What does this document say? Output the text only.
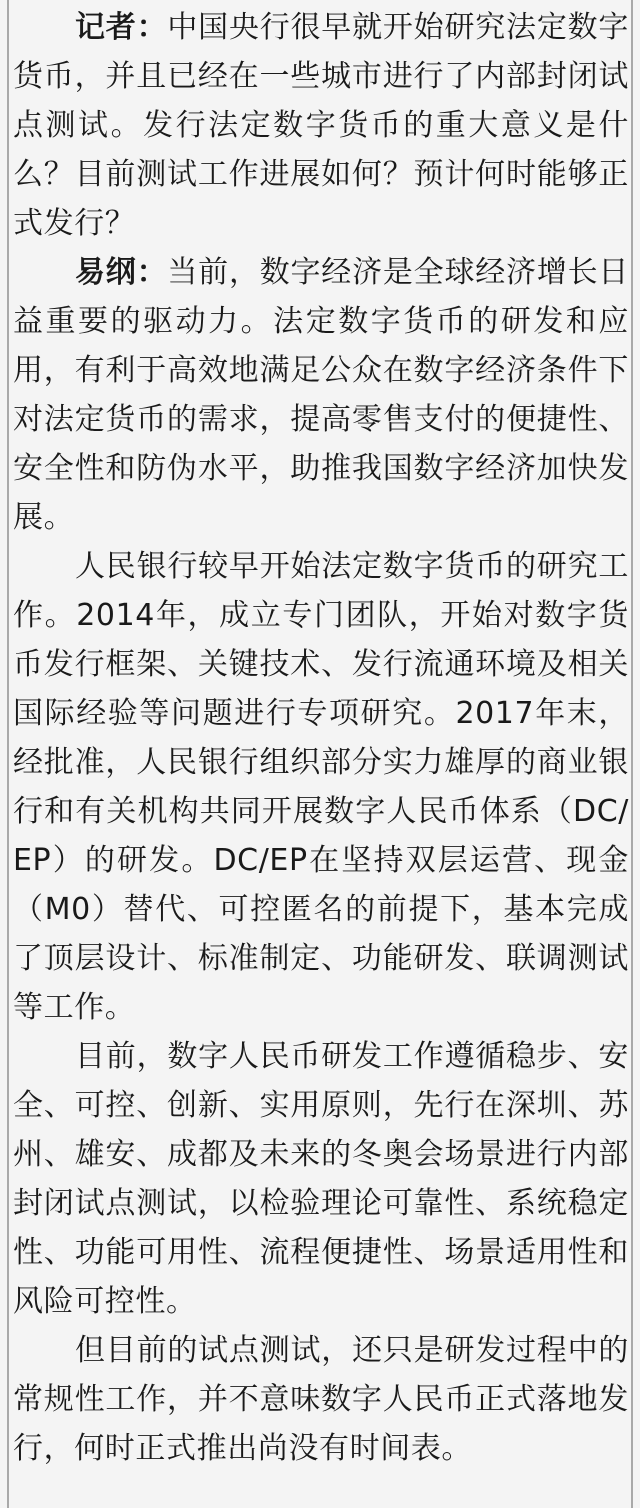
记者：中国央行很早就开始研究法定数字货币，并且已经在一些城市进行了内部封闭试点测试。发行法定数字货币的重大意义是什么？目前测试工作进展如何？预计何时能够正式发行？

易纲：当前，数字经济是全球经济增长日益重要的驱动力。法定数字货币的研发和应用，有利于高效地满足公众在数字经济条件下对法定货币的需求，提高零售支付的便捷性、安全性和防伪水平，助推我国数字经济加快发展。

人民银行较早开始法定数字货币的研究工作。2014年，成立专门团队，开始对数字货币发行框架、关键技术、发行流通环境及相关国际经验等问题进行专项研究。2017年末，经批准，人民银行组织部分实力雄厚的商业银行和有关机构共同开展数字人民币体系（DC/EP）的研发。DC/EP在坚持双层运营、现金（M0）替代、可控匿名的前提下，基本完成了顶层设计、标准制定、功能研发、联调测试等工作。

目前，数字人民币研发工作遵循稳步、安全、可控、创新、实用原则，先行在深圳、苏州、雄安、成都及未来的冬奥会场景进行内部封闭试点测试，以检验理论可靠性、系统稳定性、功能可用性、流程便捷性、场景适用性和风险可控性。

但目前的试点测试，还只是研发过程中的常规性工作，并不意味数字人民币正式落地发行，何时正式推出尚没有时间表。
